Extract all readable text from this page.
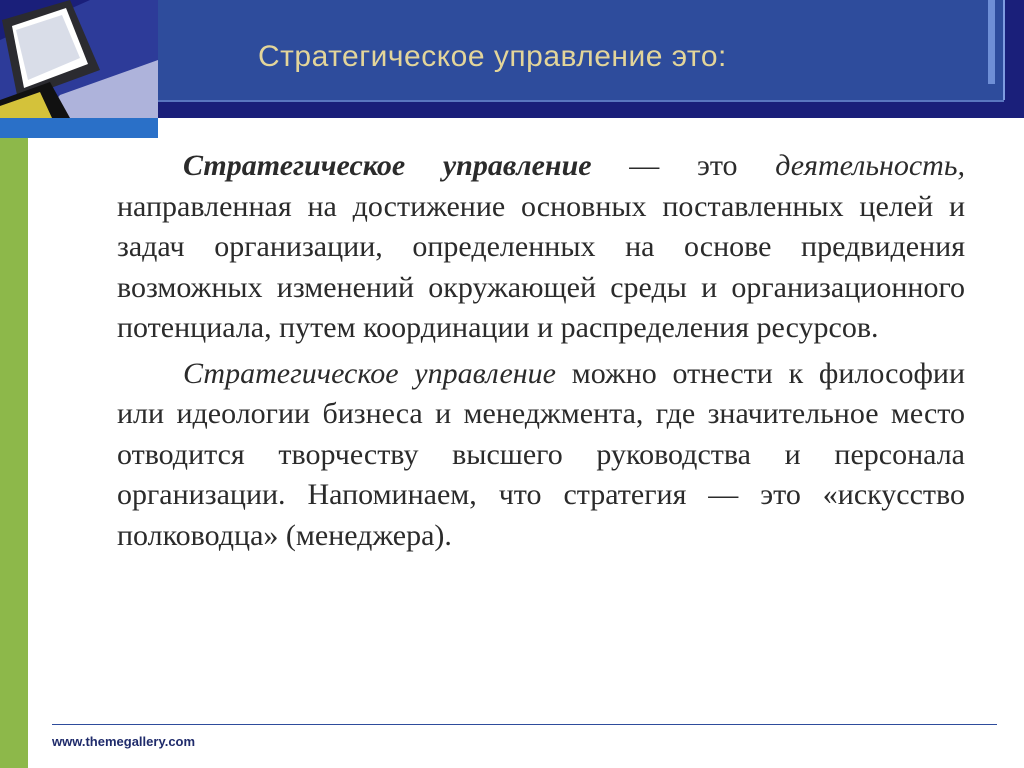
Стратегическое управление это:

Стратегическое управление — это деятельность, направленная на достижение основных поставленных целей и задач организации, определенных на основе предвидения возможных изменений окружающей среды и организационного потенциала, путем координации и распределения ресурсов.

Стратегическое управление можно отнести к философии или идеологии бизнеса и менеджмента, где значительное место отводится творчеству высшего руководства и персонала организации. Напоминаем, что стратегия — это «искусство полководца» (менеджера).

www.themegallery.com
